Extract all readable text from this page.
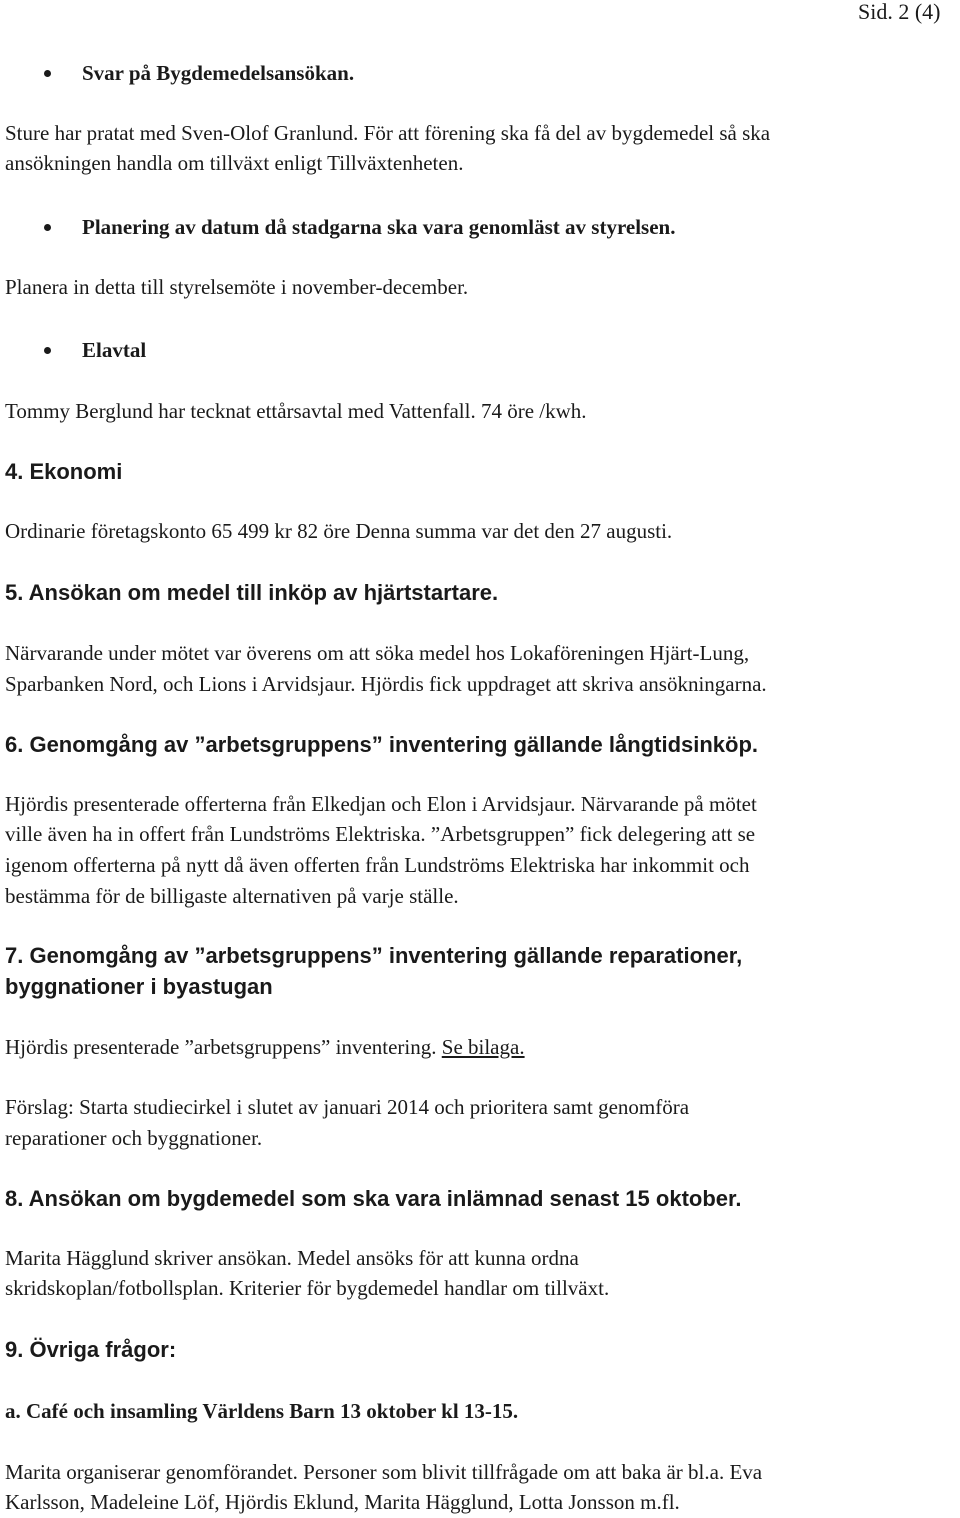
Sid. 2 (4)
Svar på Bygdemedelsansökan.
Sture har pratat med Sven-Olof Granlund. För att förening ska få del av bygdemedel så ska
ansökningen handla om tillväxt enligt Tillväxtenheten.
Planering av datum då stadgarna ska vara genomläst av styrelsen.
Planera in detta till styrelsemöte i november-december.
Elavtal
Tommy Berglund har tecknat ettårsavtal med Vattenfall. 74 öre /kwh.
4. Ekonomi
Ordinarie företagskonto 65 499 kr 82 öre Denna summa var det den 27 augusti.
5. Ansökan om medel till inköp av hjärtstartare.
Närvarande under mötet var överens om att söka medel hos Lokaföreningen Hjärt-Lung,
Sparbanken Nord, och Lions i Arvidsjaur. Hjördis fick uppdraget att skriva ansökningarna.
6. Genomgång av ”arbetsgruppens” inventering gällande långtidsinköp.
Hjördis presenterade offerterna från Elkedjan och Elon i Arvidsjaur. Närvarande på mötet
ville även ha in offert från Lundströms Elektriska. ”Arbetsgruppen” fick delegering att se
igenom offerterna på nytt då även offerten från Lundströms Elektriska har inkommit och
bestämma för de billigaste alternativen på varje ställe.
7. Genomgång av ”arbetsgruppens” inventering gällande reparationer,
byggnationer i byastugan
Hjördis presenterade ”arbetsgruppens” inventering. Se bilaga.
Förslag: Starta studiecirkel i slutet av januari 2014 och prioritera samt genomföra
reparationer och byggnationer.
8. Ansökan om bygdemedel som ska vara inlämnad senast 15 oktober.
Marita Hägglund skriver ansökan. Medel ansöks för att kunna ordna
skridskoplan/fotbollsplan. Kriterier för bygdemedel handlar om tillväxt.
9. Övriga frågor:
a. Café och insamling Världens Barn 13 oktober kl 13-15.
Marita organiserar genomförandet. Personer som blivit tillfrågade om att baka är bl.a. Eva
Karlsson, Madeleine Löf, Hjördis Eklund, Marita Hägglund, Lotta Jonsson m.fl.
